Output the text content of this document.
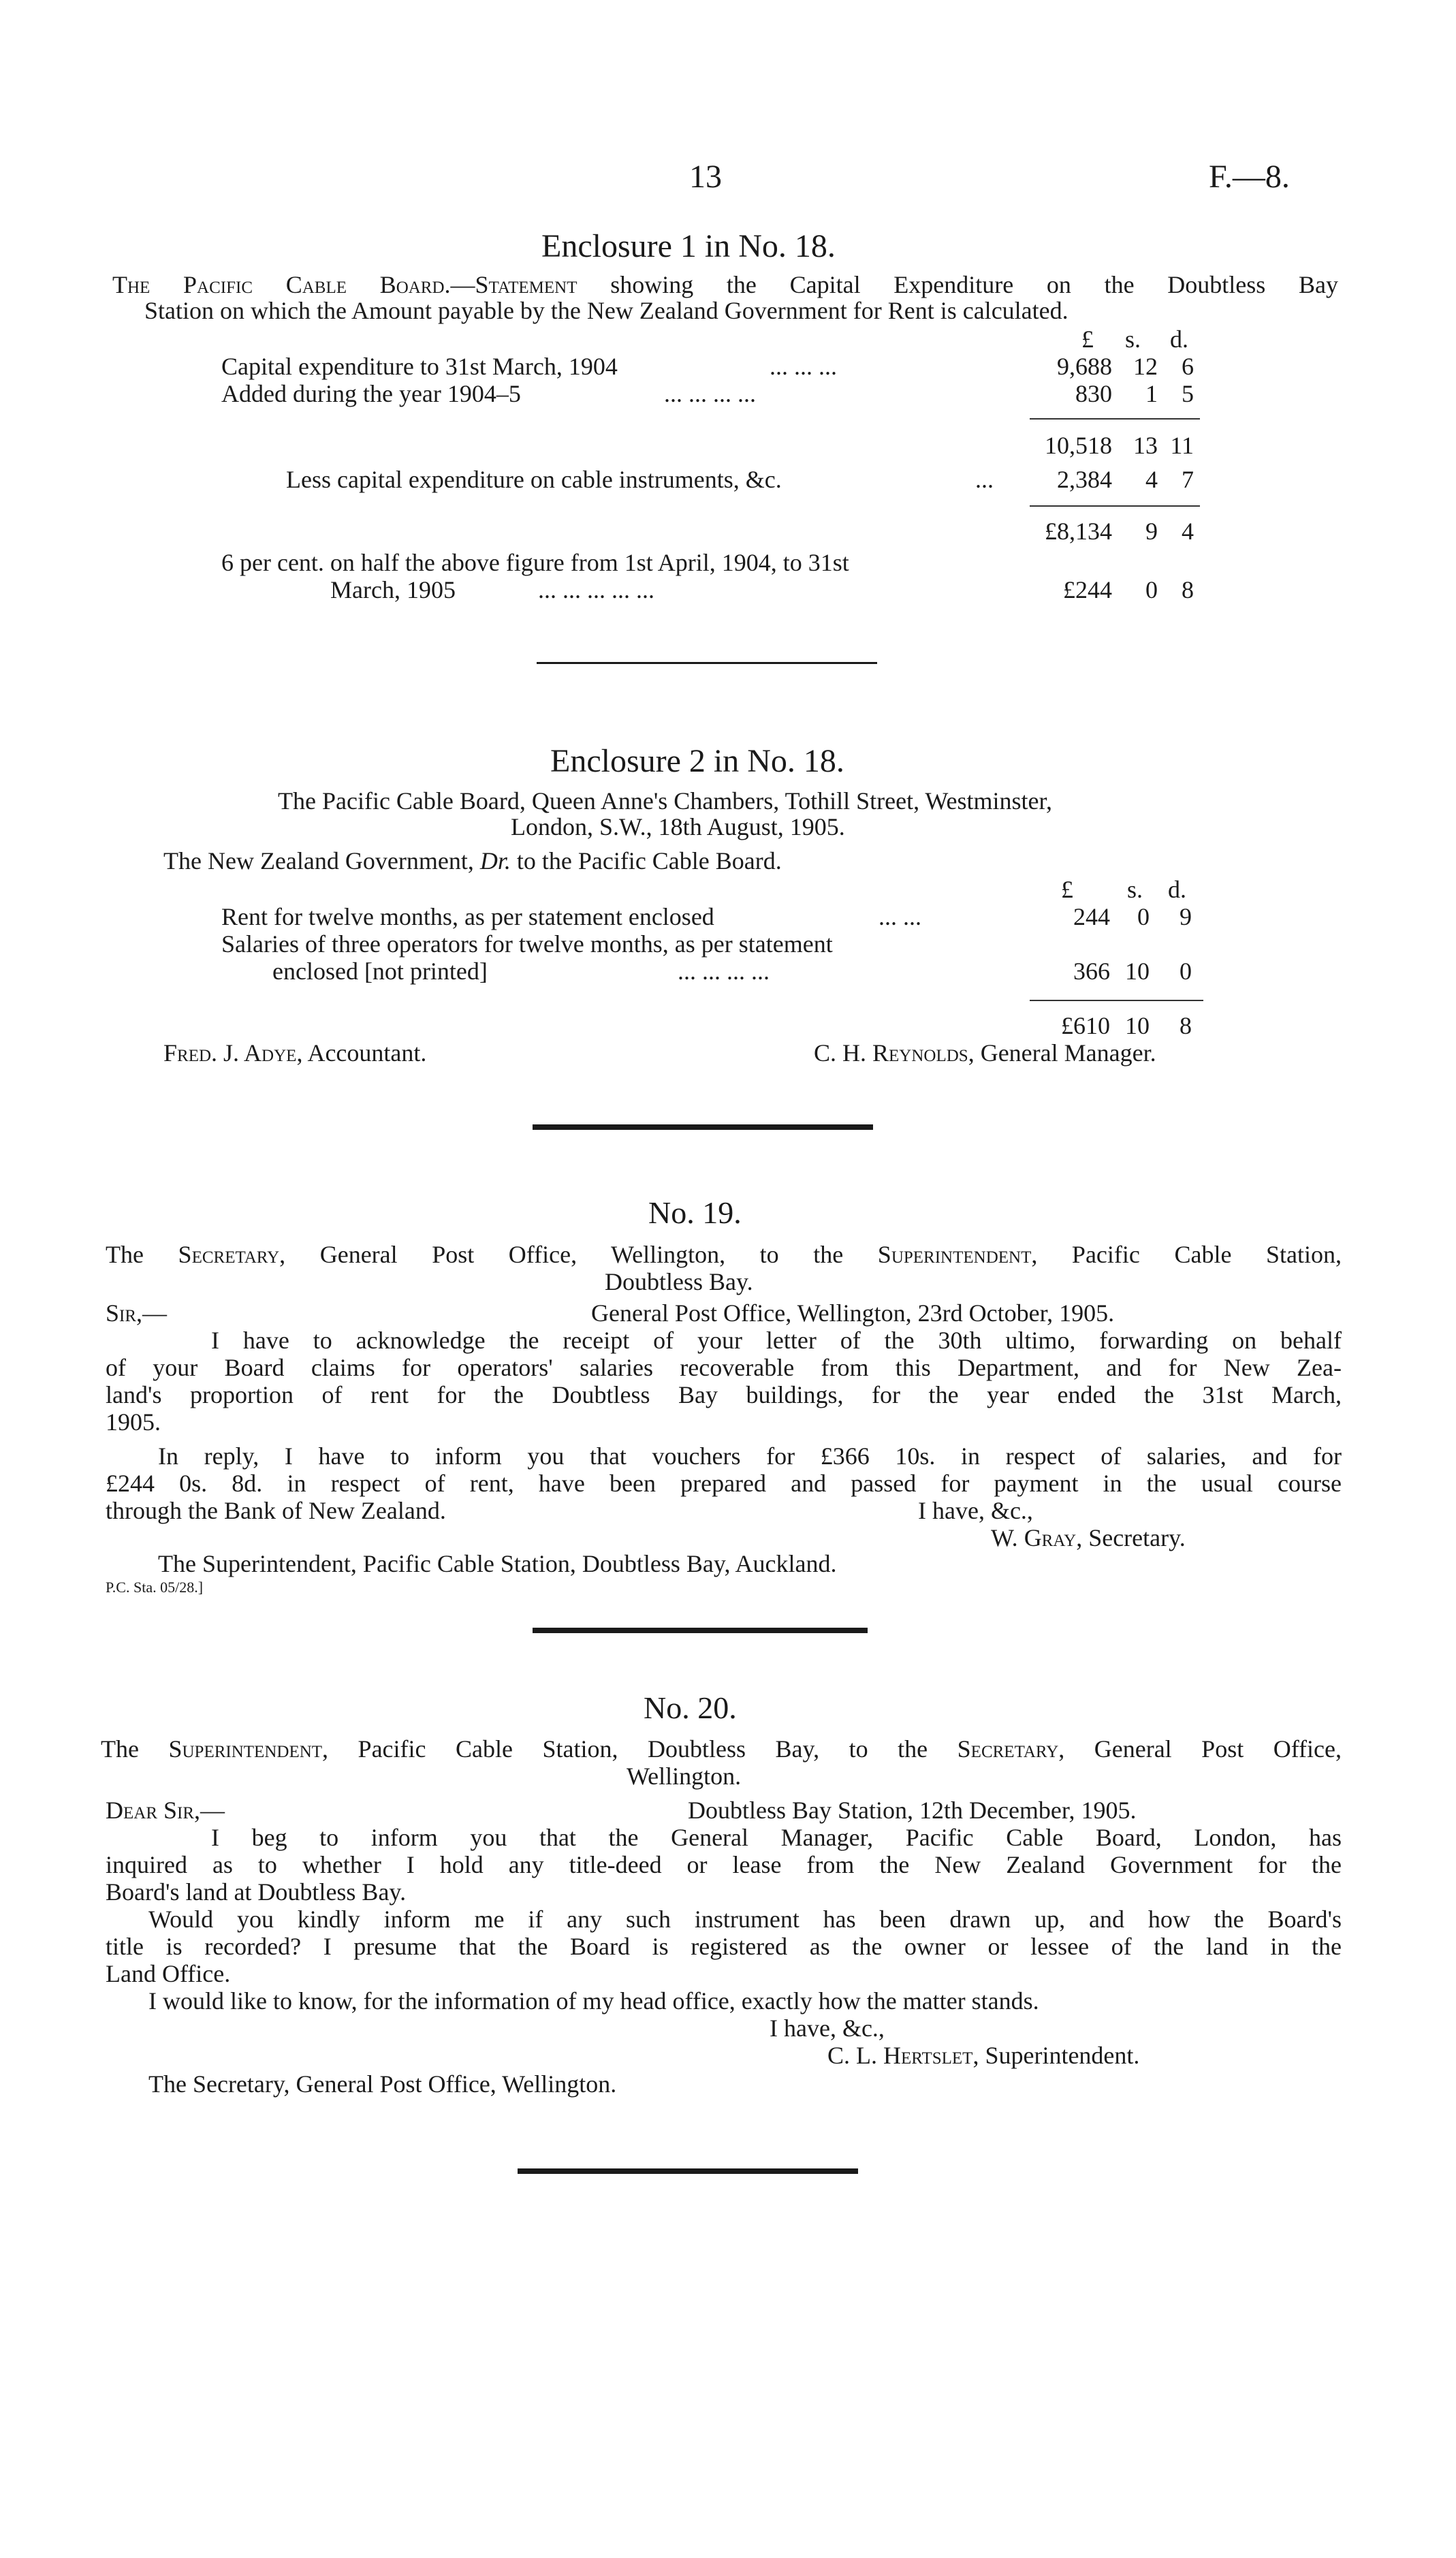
13	F.—8.
Enclosure 1 in No. 18.
The Pacific Cable Board.—Statement showing the Capital Expenditure on the Doubtless Bay
Station on which the Amount payable by the New Zealand Government for Rent is calculated.
£ s. d.
Capital expenditure to 31st March, 1904	... ... ...	9,688 12 6
Added during the year 1904–5	... ... ... ...	830 1 5
10,518 13 11
Less capital expenditure on cable instruments, &c.	...	2,384 4 7
£8,134 9 4
6 per cent. on half the above figure from 1st April, 1904, to 31st
March, 1905	... ... ... ... ...	£244 0 8
Enclosure 2 in No. 18.
The Pacific Cable Board, Queen Anne's Chambers, Tothill Street, Westminster,
London, S.W., 18th August, 1905.
The New Zealand Government, Dr. to the Pacific Cable Board.
£ s. d.
Rent for twelve months, as per statement enclosed	... ...	244 0 9
Salaries of three operators for twelve months, as per statement
enclosed [not printed]	... ... ... ...	366 10 0
£610 10 8
Fred. J. Adye, Accountant.	C. H. Reynolds, General Manager.
No. 19.
The Secretary, General Post Office, Wellington, to the Superintendent, Pacific Cable Station,
Doubtless Bay.
Sir,—	General Post Office, Wellington, 23rd October, 1905.
I have to acknowledge the receipt of your letter of the 30th ultimo, forwarding on behalf
of your Board claims for operators' salaries recoverable from this Department, and for New Zea-
land's proportion of rent for the Doubtless Bay buildings, for the year ended the 31st March,
1905.
In reply, I have to inform you that vouchers for £366 10s. in respect of salaries, and for
£244 0s. 8d. in respect of rent, have been prepared and passed for payment in the usual course
through the Bank of New Zealand.	I have, &c.,
W. Gray, Secretary.
The Superintendent, Pacific Cable Station, Doubtless Bay, Auckland.
P.C. Sta. 05/28.]
No. 20.
The Superintendent, Pacific Cable Station, Doubtless Bay, to the Secretary, General Post Office,
Wellington.
Dear Sir,—	Doubtless Bay Station, 12th December, 1905.
I beg to inform you that the General Manager, Pacific Cable Board, London, has
inquired as to whether I hold any title-deed or lease from the New Zealand Government for the
Board's land at Doubtless Bay.
Would you kindly inform me if any such instrument has been drawn up, and how the Board's
title is recorded? I presume that the Board is registered as the owner or lessee of the land in the
Land Office.
I would like to know, for the information of my head office, exactly how the matter stands.
I have, &c.,
C. L. Hertslet, Superintendent.
The Secretary, General Post Office, Wellington.
